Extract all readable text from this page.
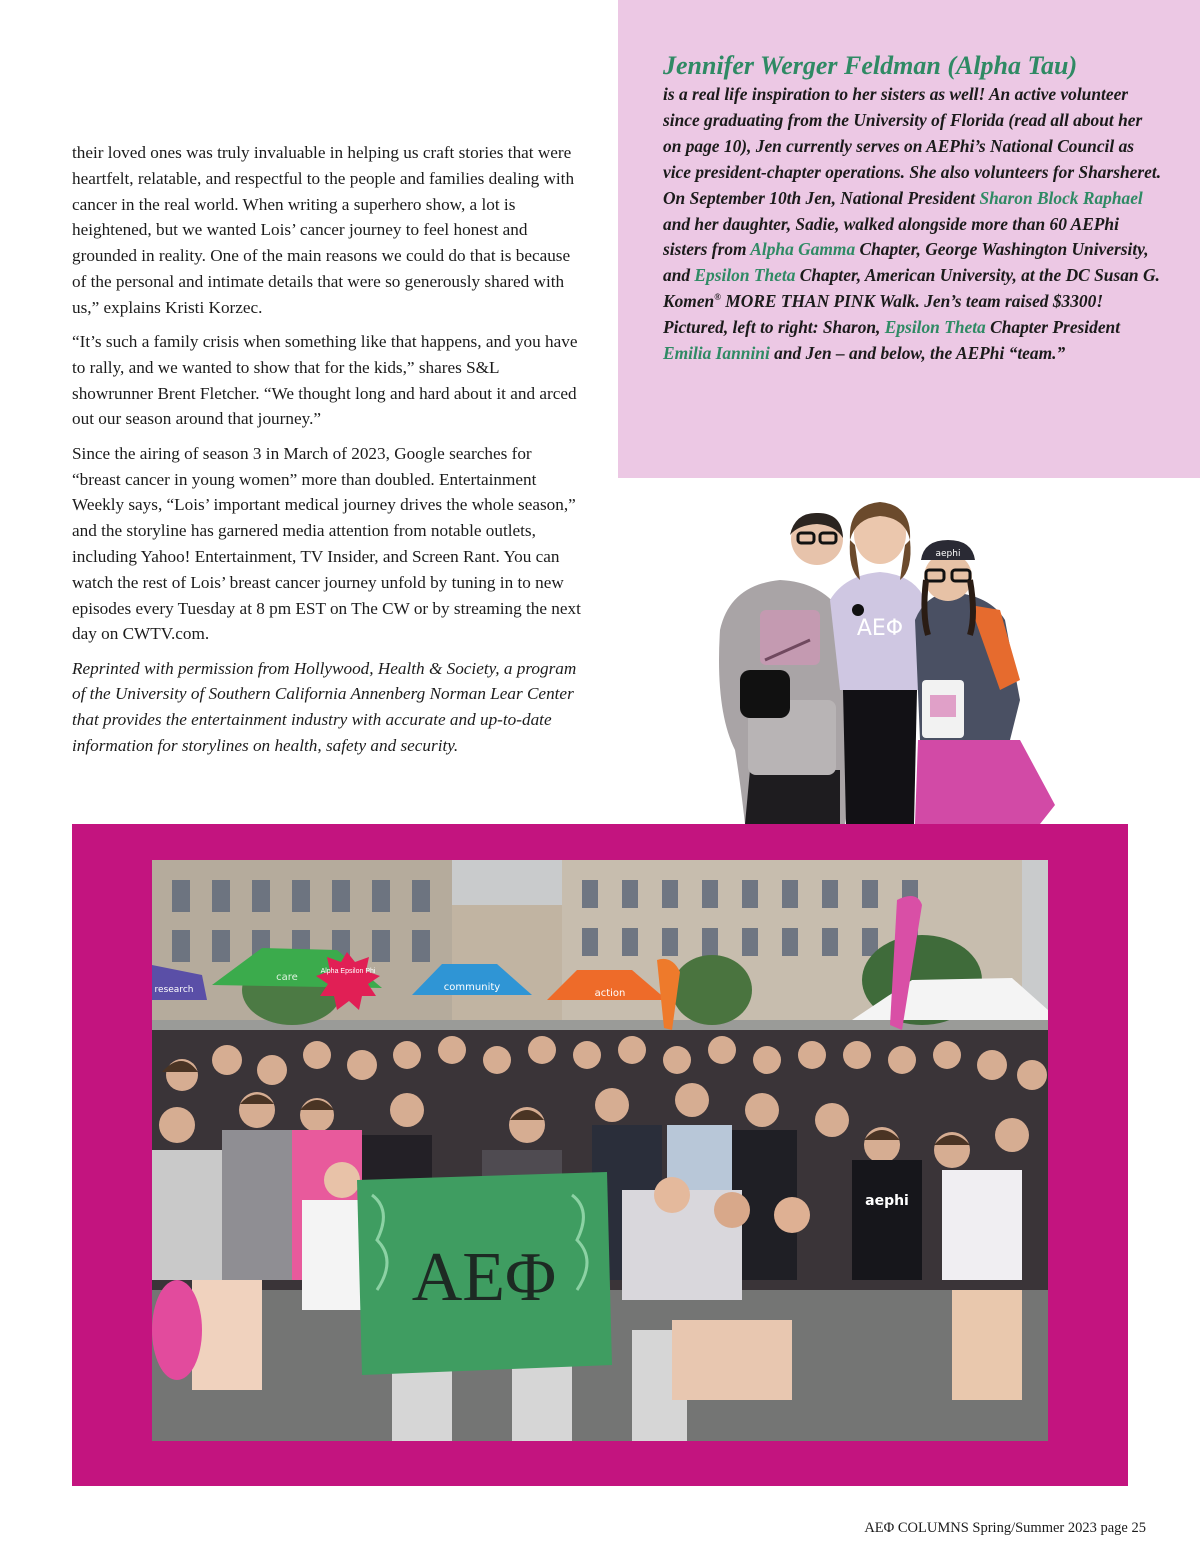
their loved ones was truly invaluable in helping us craft stories that were heartfelt, relatable, and respectful to the people and families dealing with cancer in the real world. When writing a superhero show, a lot is heightened, but we wanted Lois’ cancer journey to feel honest and grounded in reality. One of the main reasons we could do that is because of the personal and intimate details that were so generously shared with us,” explains Kristi Korzec.

“It’s such a family crisis when something like that happens, and you have to rally, and we wanted to show that for the kids,” shares S&L showrunner Brent Fletcher. “We thought long and hard about it and arced out our season around that journey.”

Since the airing of season 3 in March of 2023, Google searches for “breast cancer in young women” more than doubled. Entertainment Weekly says, “Lois’ important medical journey drives the whole season,” and the storyline has garnered media attention from notable outlets, including Yahoo! Entertainment, TV Insider, and Screen Rant. You can watch the rest of Lois’ breast cancer journey unfold by tuning in to new episodes every Tuesday at 8 pm EST on The CW or by streaming the next day on CWTV.com.

Reprinted with permission from Hollywood, Health & Society, a program of the University of Southern California Annenberg Norman Lear Center that provides the entertainment industry with accurate and up-to-date information for storylines on health, safety and security.

Jennifer Werger Feldman (Alpha Tau)

is a real life inspiration to her sisters as well! An active volunteer since graduating from the University of Florida (read all about her on page 10), Jen currently serves on AEPhi’s National Council as vice president-chapter operations. She also volunteers for Sharsheret. On September 10th Jen, National President Sharon Block Raphael and her daughter, Sadie, walked alongside more than 60 AEPhi sisters from Alpha Gamma Chapter, George Washington University, and Epsilon Theta Chapter, American University, at the DC Susan G. Komen® MORE THAN PINK Walk. Jen’s team raised $3300! Pictured, left to right: Sharon, Epsilon Theta Chapter President Emilia Iannini and Jen – and below, the AEPhi “team.”

AEΦ
aephi
research
care
community
action
Alpha Epsilon Phi
aephi
AEΦ
AEΦ COLUMNS Spring/Summer 2023 page 25
